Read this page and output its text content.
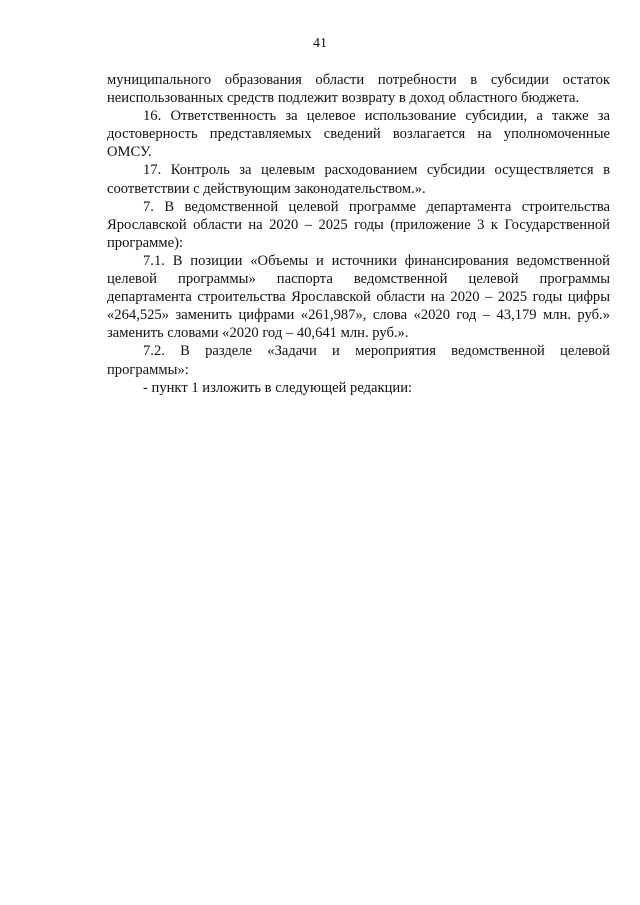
41

муниципального образования области потребности в субсидии остаток неиспользованных средств подлежит возврату в доход областного бюджета.

16. Ответственность за целевое использование субсидии, а также за достоверность представляемых сведений возлагается на уполномоченные ОМСУ.

17. Контроль за целевым расходованием субсидии осуществляется в соответствии с действующим законодательством.».

7. В ведомственной целевой программе департамента строительства Ярославской области на 2020 – 2025 годы (приложение 3 к Государственной программе):

7.1. В позиции «Объемы и источники финансирования ведомственной целевой программы» паспорта ведомственной целевой программы департамента строительства Ярославской области на 2020 – 2025 годы цифры «264,525» заменить цифрами «261,987», слова «2020 год – 43,179 млн. руб.» заменить словами «2020 год – 40,641 млн. руб.».

7.2. В разделе «Задачи и мероприятия ведомственной целевой программы»:

- пункт 1 изложить в следующей редакции:
